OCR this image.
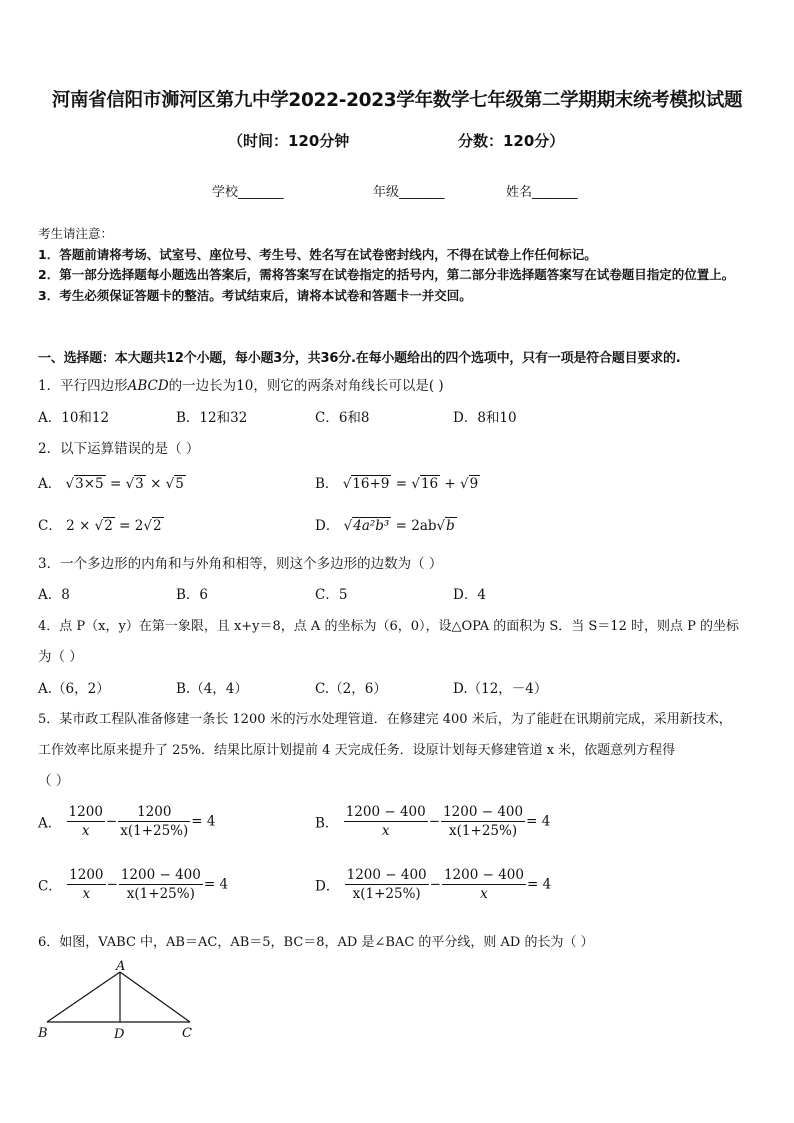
河南省信阳市浉河区第九中学2022-2023学年数学七年级第二学期期末统考模拟试题
（时间：120分钟	分数：120分）
学校_______	年级_______	姓名_______
考生请注意：
1．答题前请将考场、试室号、座位号、考生号、姓名写在试卷密封线内，不得在试卷上作任何标记。
2．第一部分选择题每小题选出答案后，需将答案写在试卷指定的括号内，第二部分非选择题答案写在试卷题目指定的位置上。
3．考生必须保证答题卡的整洁。考试结束后，请将本试卷和答题卡一并交回。
一、选择题：本大题共12个小题，每小题3分，共36分.在每小题给出的四个选项中，只有一项是符合题目要求的.
1．平行四边形ABCD的一边长为10，则它的两条对角线长可以是( )
A．10和12	B．12和32	C．6和8	D．8和10
2．以下运算错误的是（ ）
A． √3×5 = √3 × √5	B． √16+9 = √16 + √9
C． 2 × √2 = 2√2	D． √4a²b³ = 2ab√b
3．一个多边形的内角和与外角和相等，则这个多边形的边数为（ ）
A．8	B．6	C．5	D．4
4．点 P（x，y）在第一象限，且 x+y＝8，点 A 的坐标为（6，0），设△OPA 的面积为 S．当 S＝12 时，则点 P 的坐标
为（ ）
A.（6，2）	B.（4，4）	C.（2，6）	D.（12，－4）
5．某市政工程队准备修建一条长 1200 米的污水处理管道．在修建完 400 米后，为了能赶在讯期前完成，采用新技术，
工作效率比原来提升了 25%．结果比原计划提前 4 天完成任务．设原计划每天修建管道 x 米，依题意列方程得
（ ）
A． $\frac{1200}{x} - \frac{1200}{x(1+25\%)} = 4$	B． $\frac{1200 - 400}{x} - \frac{1200 - 400}{x(1+25\%)} = 4$
C． $\frac{1200}{x} - \frac{1200 - 400}{x(1+25\%)} = 4$	D． $\frac{1200 - 400}{x(1+25\%)} - \frac{1200 - 400}{x} = 4$
6．如图，VABC 中，AB＝AC，AB＝5，BC＝8，AD 是∠BAC 的平分线，则 AD 的长为（ ）
A
B	D	C
